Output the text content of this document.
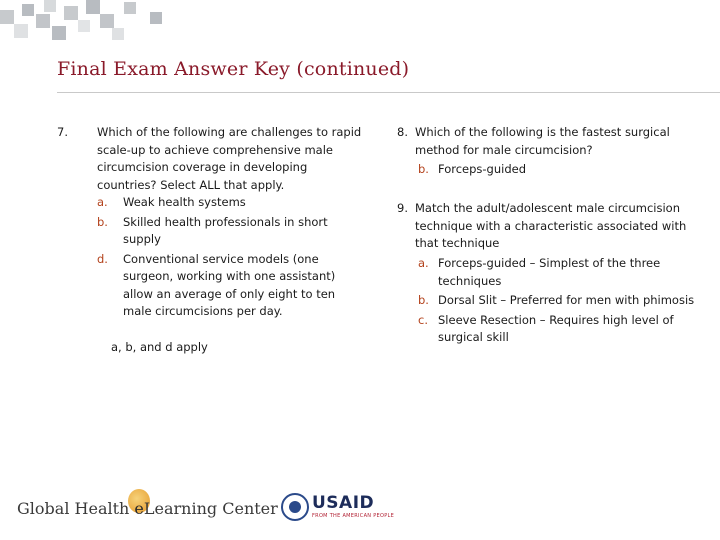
Final Exam Answer Key (continued)
7.	Which of the following are challenges to rapid scale-up to achieve comprehensive male circumcision coverage in developing countries? Select ALL that apply.
a. Weak health systems
b. Skilled health professionals in short supply
d. Conventional service models (one surgeon, working with one assistant) allow an average of only eight to ten male circumcisions per day.
a, b, and d apply
8. Which of the following is the fastest surgical method for male circumcision?
b. Forceps-guided
9. Match the adult/adolescent male circumcision technique with a characteristic associated with that technique
a. Forceps-guided – Simplest of the three techniques
b. Dorsal Slit – Preferred for men with phimosis
c. Sleeve Resection – Requires high level of surgical skill
Global Health
eLearning Center USAID
FROM THE AMERICAN PEOPLE
